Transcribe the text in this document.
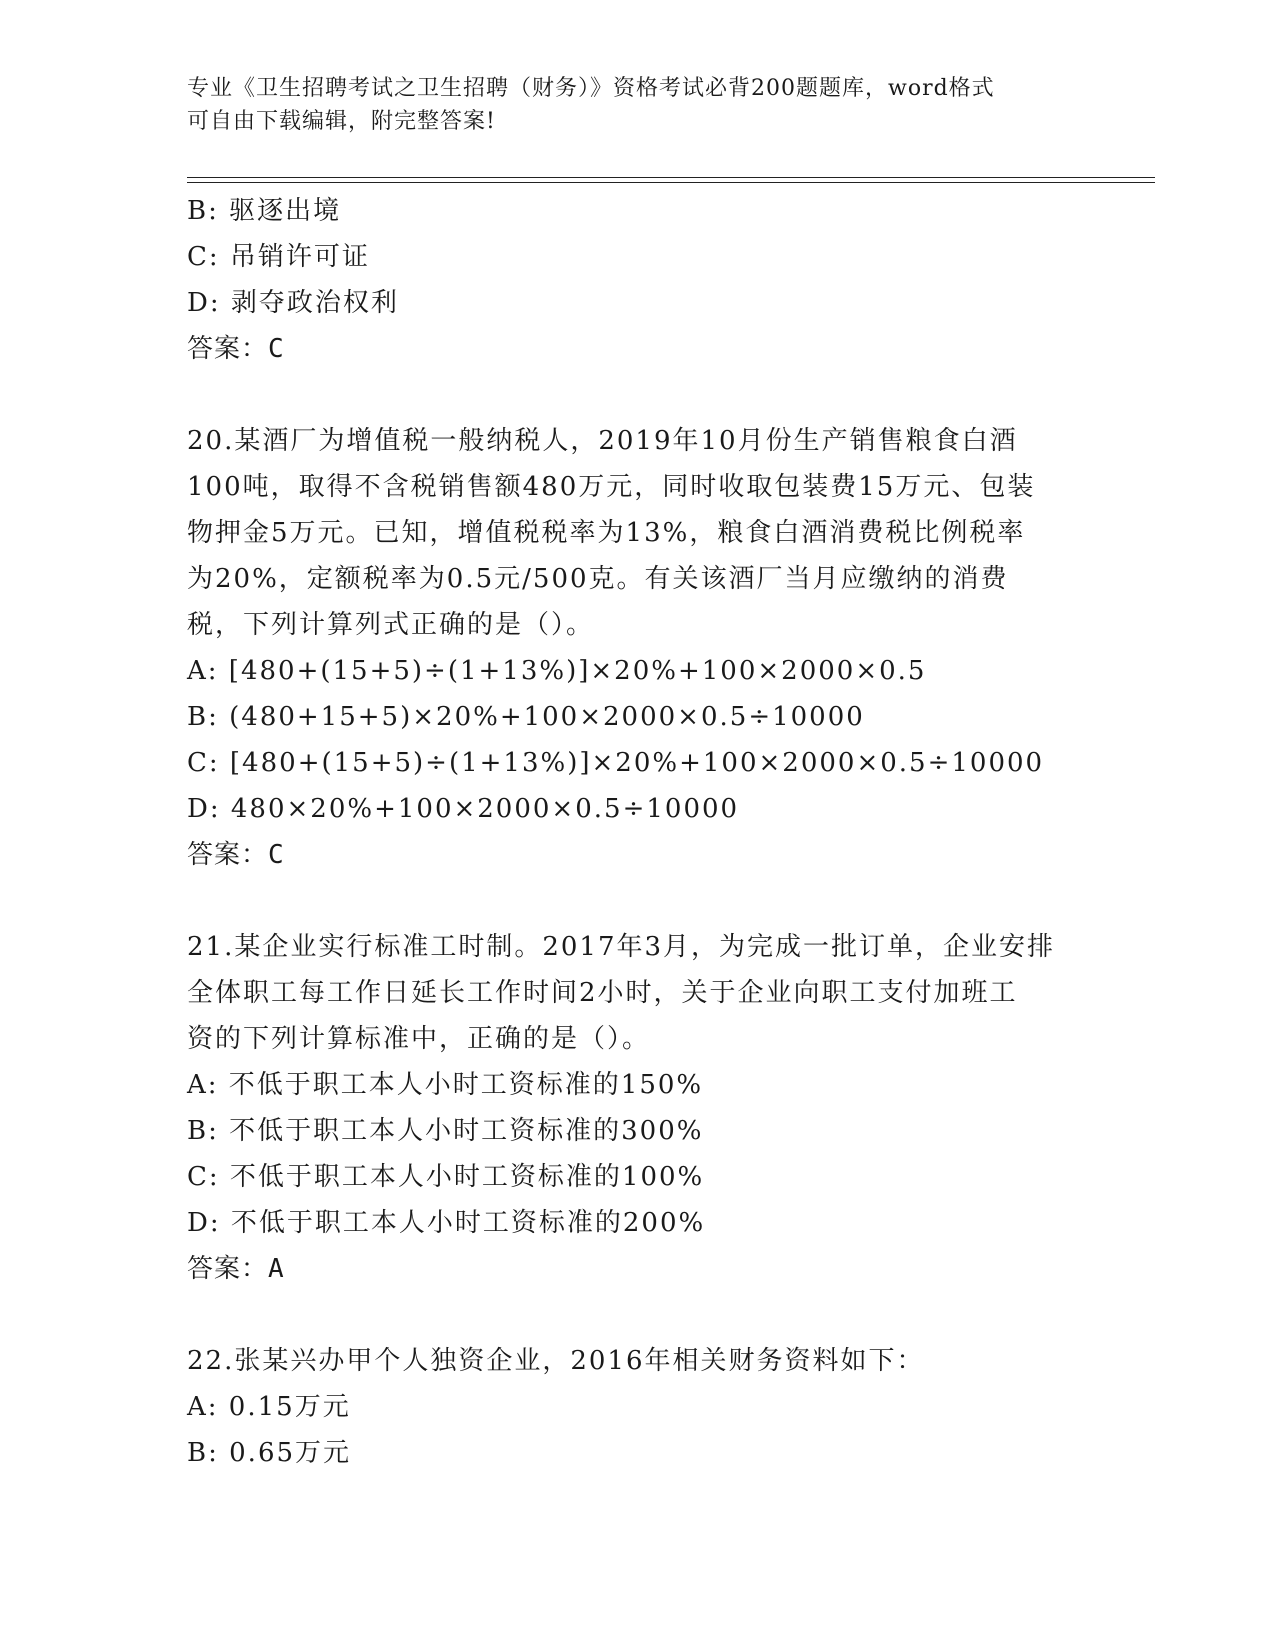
专业《卫生招聘考试之卫生招聘（财务）》资格考试必背200题题库，word格式
可自由下载编辑，附完整答案!
B: 驱逐出境
C: 吊销许可证
D: 剥夺政治权利
答案：C
20.某酒厂为增值税一般纳税人，2019年10月份生产销售粮食白酒
100吨，取得不含税销售额480万元，同时收取包装费15万元、包装
物押金5万元。已知，增值税税率为13%，粮食白酒消费税比例税率
为20%，定额税率为0.5元/500克。有关该酒厂当月应缴纳的消费
税，下列计算列式正确的是（）。
A: [480+(15+5)÷(1+13%)]×20%+100×2000×0.5
B: (480+15+5)×20%+100×2000×0.5÷10000
C: [480+(15+5)÷(1+13%)]×20%+100×2000×0.5÷10000
D: 480×20%+100×2000×0.5÷10000
答案：C
21.某企业实行标准工时制。2017年3月，为完成一批订单，企业安排
全体职工每工作日延长工作时间2小时，关于企业向职工支付加班工
资的下列计算标准中，正确的是（）。
A: 不低于职工本人小时工资标准的150%
B: 不低于职工本人小时工资标准的300%
C: 不低于职工本人小时工资标准的100%
D: 不低于职工本人小时工资标准的200%
答案：A
22.张某兴办甲个人独资企业，2016年相关财务资料如下：
A: 0.15万元
B: 0.65万元
